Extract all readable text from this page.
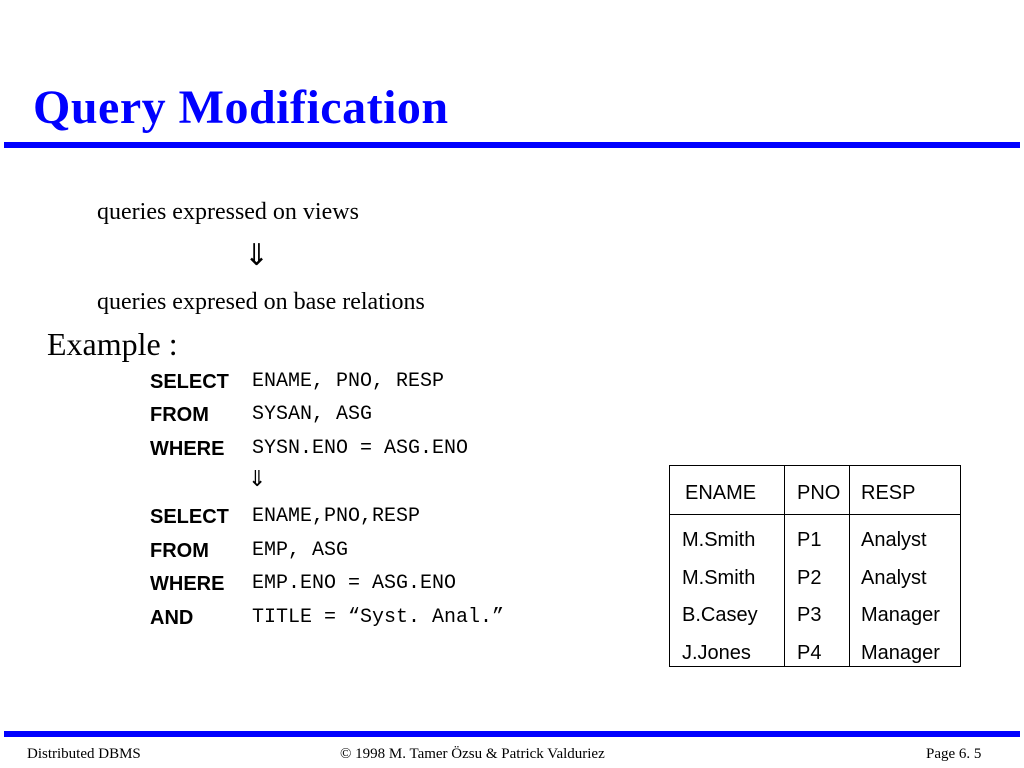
Query Modification
queries expressed on views
⇓
queries expresed on base relations
Example :
SELECT ENAME, PNO, RESP
FROM SYSAN, ASG
WHERE SYSN.ENO = ASG.ENO
⇓
SELECT ENAME,PNO,RESP
FROM EMP, ASG
WHERE EMP.ENO = ASG.ENO
AND	TITLE = “Syst. Anal.”
ENAME PNO RESP
M.Smith P1 Analyst
M.Smith P2 Analyst
B.Casey P3 Manager
J.Jones P4 Manager
Distributed DBMS	© 1998 M. Tamer Özsu & Patrick Valduriez	Page 6. 5
